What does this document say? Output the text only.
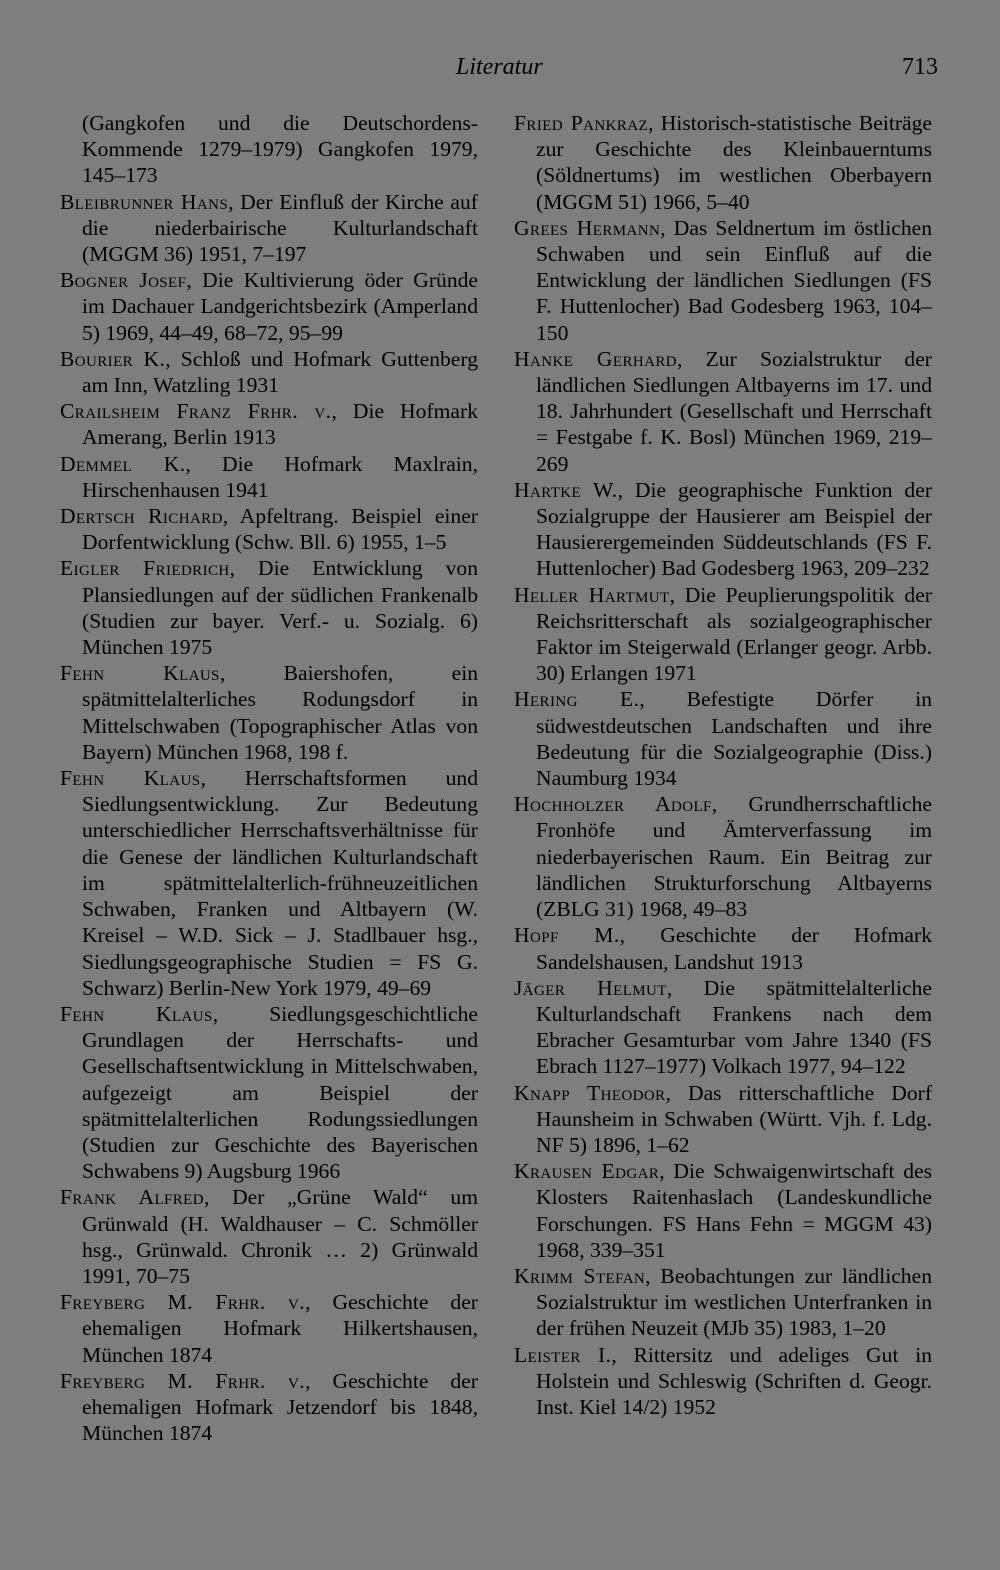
Literatur	713

(Gangkofen und die Deutschordens-Kommende 1279–1979) Gangkofen 1979, 145–173

Bleibrunner Hans, Der Einfluß der Kirche auf die niederbairische Kulturlandschaft (MGGM 36) 1951, 7–197

Bogner Josef, Die Kultivierung öder Gründe im Dachauer Landgerichtsbezirk (Amperland 5) 1969, 44–49, 68–72, 95–99

Bourier K., Schloß und Hofmark Guttenberg am Inn, Watzling 1931

Crailsheim Franz Frhr. v., Die Hofmark Amerang, Berlin 1913

Demmel K., Die Hofmark Maxlrain, Hirschenhausen 1941

Dertsch Richard, Apfeltrang. Beispiel einer Dorfentwicklung (Schw. Bll. 6) 1955, 1–5

Eigler Friedrich, Die Entwicklung von Plansiedlungen auf der südlichen Frankenalb (Studien zur bayer. Verf.- u. Sozialg. 6) München 1975

Fehn Klaus, Baiershofen, ein spätmittelalterliches Rodungsdorf in Mittelschwaben (Topographischer Atlas von Bayern) München 1968, 198 f.

Fehn Klaus, Herrschaftsformen und Siedlungsentwicklung. Zur Bedeutung unterschiedlicher Herrschaftsverhältnisse für die Genese der ländlichen Kulturlandschaft im spätmittelalterlich-frühneuzeitlichen Schwaben, Franken und Altbayern (W. Kreisel – W.D. Sick – J. Stadlbauer hsg., Siedlungsgeographische Studien = FS G. Schwarz) Berlin-New York 1979, 49–69

Fehn Klaus, Siedlungsgeschichtliche Grundlagen der Herrschafts- und Gesellschaftsentwicklung in Mittelschwaben, aufgezeigt am Beispiel der spätmittelalterlichen Rodungssiedlungen (Studien zur Geschichte des Bayerischen Schwabens 9) Augsburg 1966

Frank Alfred, Der „Grüne Wald“ um Grünwald (H. Waldhauser – C. Schmöller hsg., Grünwald. Chronik … 2) Grünwald 1991, 70–75

Freyberg M. Frhr. v., Geschichte der ehemaligen Hofmark Hilkertshausen, München 1874

Freyberg M. Frhr. v., Geschichte der ehemaligen Hofmark Jetzendorf bis 1848, München 1874

Fried Pankraz, Historisch-statistische Beiträge zur Geschichte des Kleinbauerntums (Söldnertums) im westlichen Oberbayern (MGGM 51) 1966, 5–40

Grees Hermann, Das Seldnertum im östlichen Schwaben und sein Einfluß auf die Entwicklung der ländlichen Siedlungen (FS F. Huttenlocher) Bad Godesberg 1963, 104–150

Hanke Gerhard, Zur Sozialstruktur der ländlichen Siedlungen Altbayerns im 17. und 18. Jahrhundert (Gesellschaft und Herrschaft = Festgabe f. K. Bosl) München 1969, 219–269

Hartke W., Die geographische Funktion der Sozialgruppe der Hausierer am Beispiel der Hausierergemeinden Süddeutschlands (FS F. Huttenlocher) Bad Godesberg 1963, 209–232

Heller Hartmut, Die Peuplierungspolitik der Reichsritterschaft als sozialgeographischer Faktor im Steigerwald (Erlanger geogr. Arbb. 30) Erlangen 1971

Hering E., Befestigte Dörfer in südwestdeutschen Landschaften und ihre Bedeutung für die Sozialgeographie (Diss.) Naumburg 1934

Hochholzer Adolf, Grundherrschaftliche Fronhöfe und Ämterverfassung im niederbayerischen Raum. Ein Beitrag zur ländlichen Strukturforschung Altbayerns (ZBLG 31) 1968, 49–83

Hopf M., Geschichte der Hofmark Sandelshausen, Landshut 1913

Jäger Helmut, Die spätmittelalterliche Kulturlandschaft Frankens nach dem Ebracher Gesamturbar vom Jahre 1340 (FS Ebrach 1127–1977) Volkach 1977, 94–122

Knapp Theodor, Das ritterschaftliche Dorf Haunsheim in Schwaben (Württ. Vjh. f. Ldg. NF 5) 1896, 1–62

Krausen Edgar, Die Schwaigenwirtschaft des Klosters Raitenhaslach (Landeskundliche Forschungen. FS Hans Fehn = MGGM 43) 1968, 339–351

Krimm Stefan, Beobachtungen zur ländlichen Sozialstruktur im westlichen Unterfranken in der frühen Neuzeit (MJb 35) 1983, 1–20

Leister I., Rittersitz und adeliges Gut in Holstein und Schleswig (Schriften d. Geogr. Inst. Kiel 14/2) 1952
